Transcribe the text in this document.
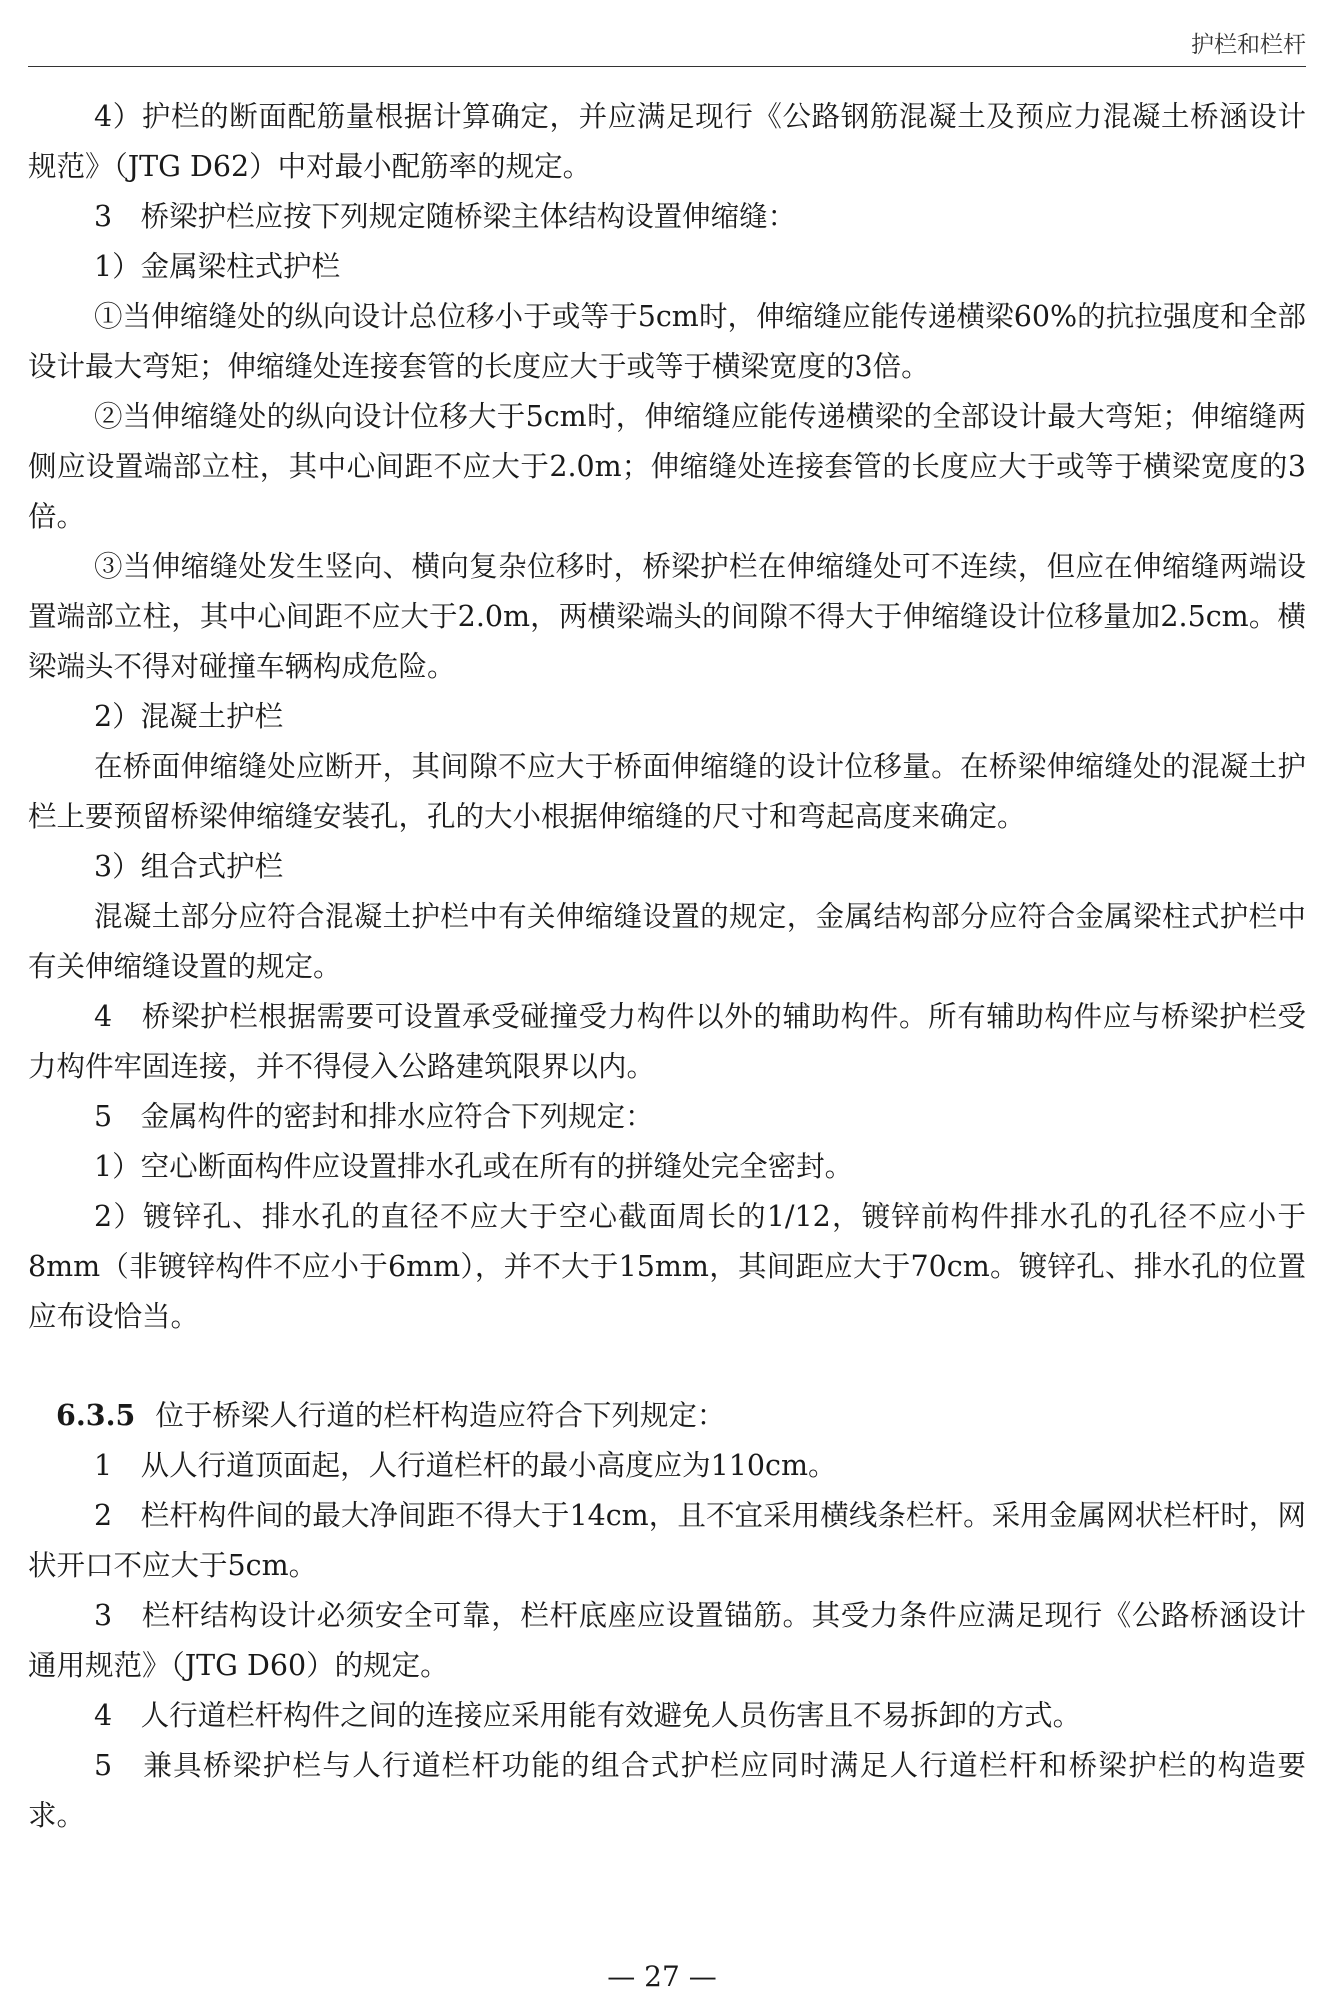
护栏和栏杆

4）护栏的断面配筋量根据计算确定，并应满足现行《公路钢筋混凝土及预应力混凝土桥涵设计规范》（JTG D62）中对最小配筋率的规定。

3　桥梁护栏应按下列规定随桥梁主体结构设置伸缩缝：

1）金属梁柱式护栏

①当伸缩缝处的纵向设计总位移小于或等于5cm时，伸缩缝应能传递横梁60%的抗拉强度和全部设计最大弯矩；伸缩缝处连接套管的长度应大于或等于横梁宽度的3倍。

②当伸缩缝处的纵向设计位移大于5cm时，伸缩缝应能传递横梁的全部设计最大弯矩；伸缩缝两侧应设置端部立柱，其中心间距不应大于2.0m；伸缩缝处连接套管的长度应大于或等于横梁宽度的3倍。

③当伸缩缝处发生竖向、横向复杂位移时，桥梁护栏在伸缩缝处可不连续，但应在伸缩缝两端设置端部立柱，其中心间距不应大于2.0m，两横梁端头的间隙不得大于伸缩缝设计位移量加2.5cm。横梁端头不得对碰撞车辆构成危险。

2）混凝土护栏

在桥面伸缩缝处应断开，其间隙不应大于桥面伸缩缝的设计位移量。在桥梁伸缩缝处的混凝土护栏上要预留桥梁伸缩缝安装孔，孔的大小根据伸缩缝的尺寸和弯起高度来确定。

3）组合式护栏

混凝土部分应符合混凝土护栏中有关伸缩缝设置的规定，金属结构部分应符合金属梁柱式护栏中有关伸缩缝设置的规定。

4　桥梁护栏根据需要可设置承受碰撞受力构件以外的辅助构件。所有辅助构件应与桥梁护栏受力构件牢固连接，并不得侵入公路建筑限界以内。

5　金属构件的密封和排水应符合下列规定：

1）空心断面构件应设置排水孔或在所有的拼缝处完全密封。

2）镀锌孔、排水孔的直径不应大于空心截面周长的1/12，镀锌前构件排水孔的孔径不应小于8mm（非镀锌构件不应小于6mm），并不大于15mm，其间距应大于70cm。镀锌孔、排水孔的位置应布设恰当。

6.3.5 位于桥梁人行道的栏杆构造应符合下列规定：

1　从人行道顶面起，人行道栏杆的最小高度应为110cm。

2　栏杆构件间的最大净间距不得大于14cm，且不宜采用横线条栏杆。采用金属网状栏杆时，网状开口不应大于5cm。

3　栏杆结构设计必须安全可靠，栏杆底座应设置锚筋。其受力条件应满足现行《公路桥涵设计通用规范》（JTG D60）的规定。

4　人行道栏杆构件之间的连接应采用能有效避免人员伤害且不易拆卸的方式。

5　兼具桥梁护栏与人行道栏杆功能的组合式护栏应同时满足人行道栏杆和桥梁护栏的构造要求。

— 27 —
